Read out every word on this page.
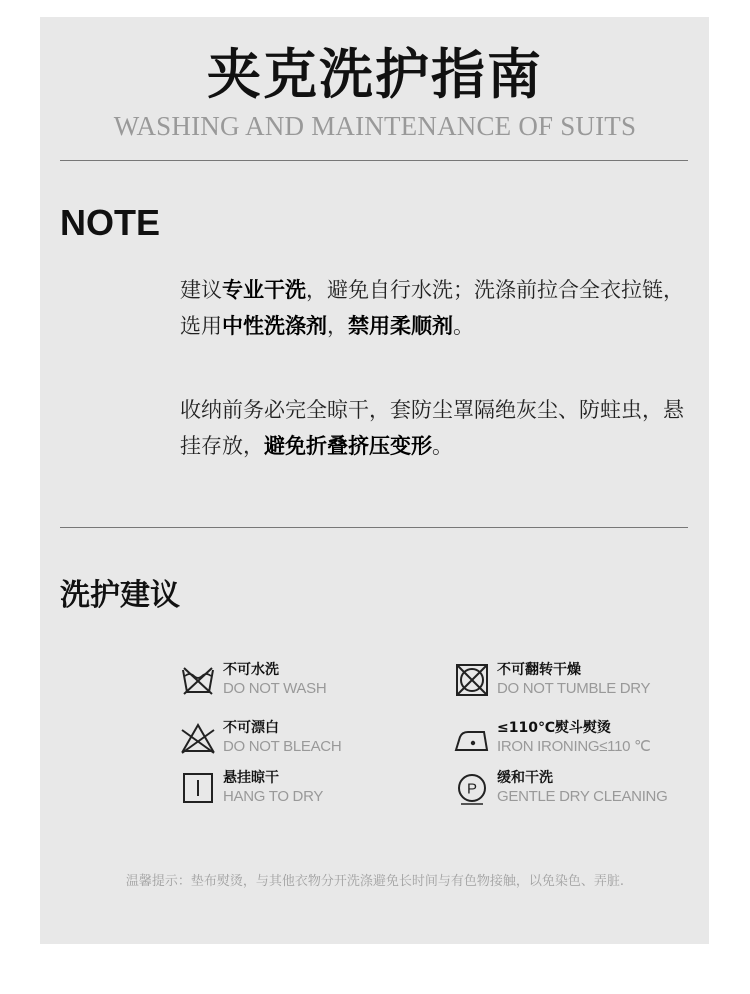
夹克洗护指南
WASHING AND MAINTENANCE OF SUITS
NOTE
建议专业干洗，避免自行水洗；洗涤前拉合全衣拉链，选用中性洗涤剂，禁用柔顺剂。
收纳前务必完全晾干，套防尘罩隔绝灰尘、防蛀虫，悬挂存放，避免折叠挤压变形。
洗护建议
不可水洗
DO NOT WASH
不可翻转干燥
DO NOT TUMBLE DRY
不可漂白
DO NOT BLEACH
≤110℃熨斗熨烫
IRON IRONING≤110 ℃
悬挂晾干
HANG TO DRY	P
缓和干洗
GENTLE DRY CLEANING
温馨提示：垫布熨烫，与其他衣物分开洗涤避免长时间与有色物接触，以免染色、弄脏.
